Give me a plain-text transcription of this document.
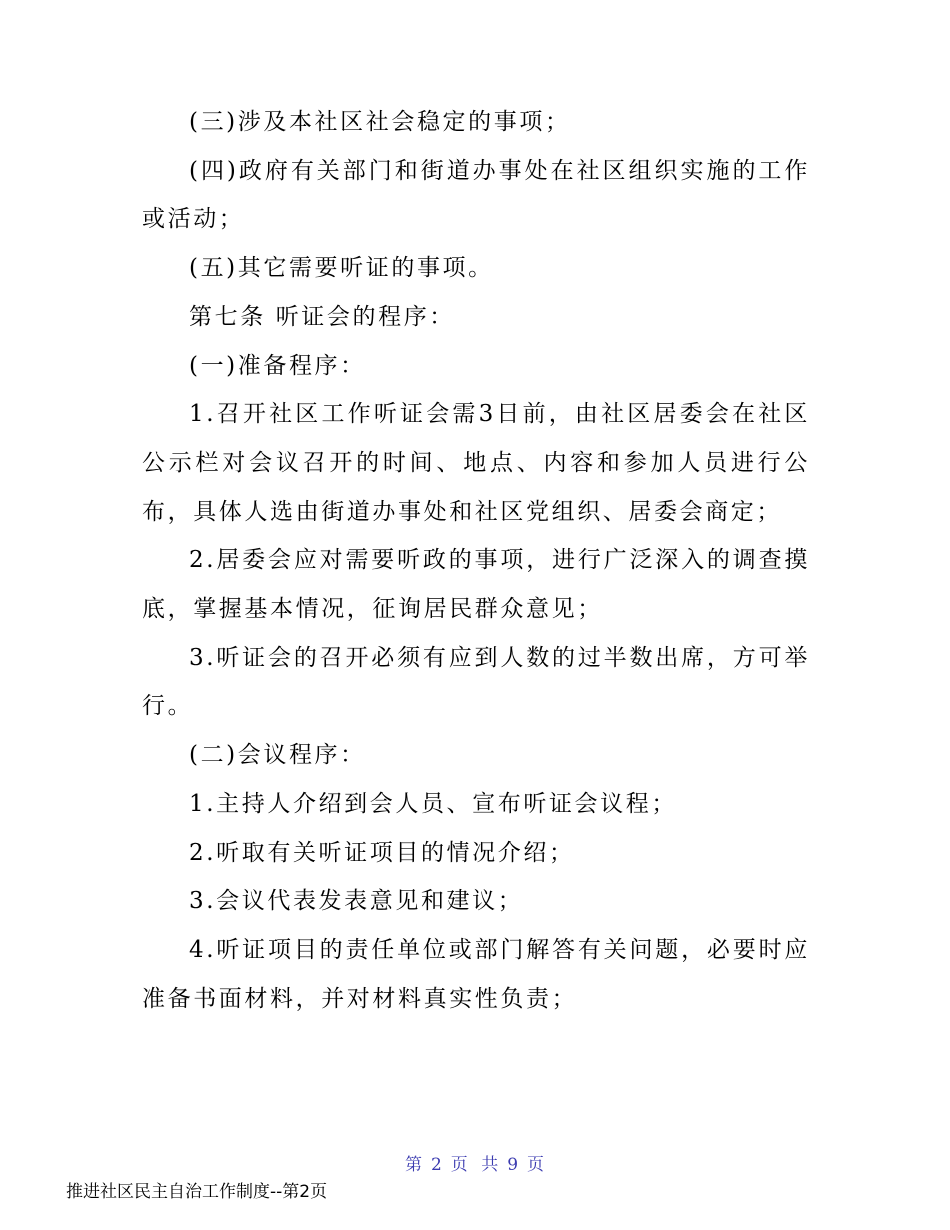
(三)涉及本社区社会稳定的事项；

(四)政府有关部门和街道办事处在社区组织实施的工作或活动；

(五)其它需要听证的事项。

第七条 听证会的程序：

(一)准备程序：

1.召开社区工作听证会需3日前，由社区居委会在社区公示栏对会议召开的时间、地点、内容和参加人员进行公布，具体人选由街道办事处和社区党组织、居委会商定；

2.居委会应对需要听政的事项，进行广泛深入的调查摸底，掌握基本情况，征询居民群众意见；

3.听证会的召开必须有应到人数的过半数出席，方可举行。

(二)会议程序：

1.主持人介绍到会人员、宣布听证会议程；

2.听取有关听证项目的情况介绍；

3.会议代表发表意见和建议；

4.听证项目的责任单位或部门解答有关问题，必要时应准备书面材料，并对材料真实性负责；

第 2 页 共 9 页
推进社区民主自治工作制度--第2页
